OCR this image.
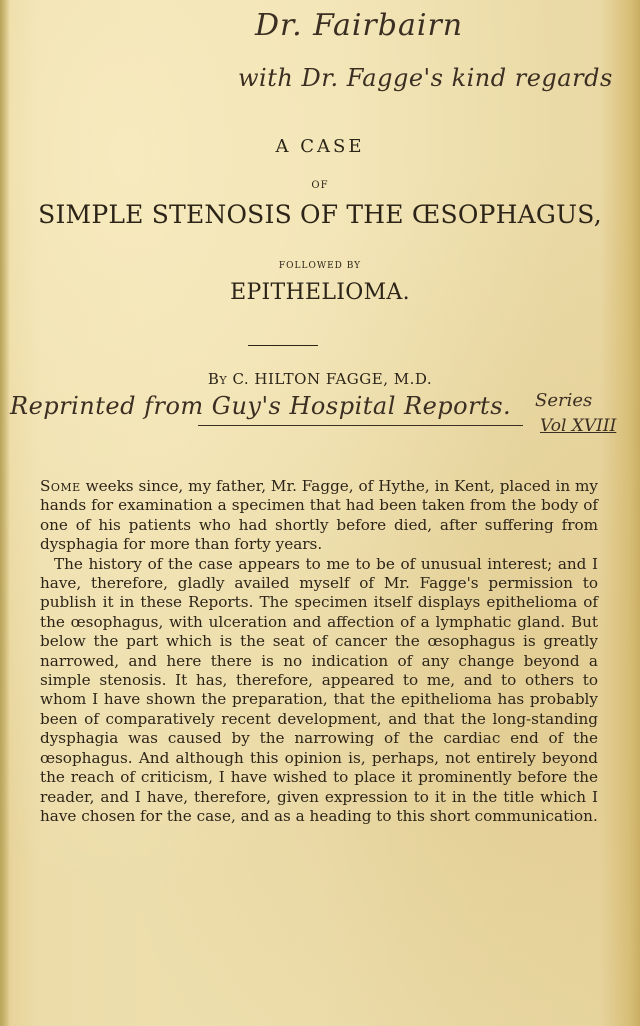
Dr. Fairbairn
with Dr. Fagge's kind regards
A CASE
OF
SIMPLE STENOSIS OF THE ŒSOPHAGUS,
FOLLOWED BY
EPITHELIOMA.
BY C. HILTON FAGGE, M.D.
Reprinted from Guy's Hospital Reports. Series
Vol XVIII

Some weeks since, my father, Mr. Fagge, of Hythe, in Kent, placed in my hands for examination a specimen that had been taken from the body of one of his patients who had shortly before died, after suffering from dysphagia for more than forty years.

The history of the case appears to me to be of unusual interest; and I have, therefore, gladly availed myself of Mr. Fagge's permission to publish it in these Reports. The specimen itself displays epithelioma of the œsophagus, with ulceration and affection of a lymphatic gland. But below the part which is the seat of cancer the œsophagus is greatly narrowed, and here there is no indication of any change beyond a simple stenosis. It has, therefore, appeared to me, and to others to whom I have shown the preparation, that the epithelioma has probably been of comparatively recent development, and that the long-standing dysphagia was caused by the narrowing of the cardiac end of the œsophagus. And although this opinion is, perhaps, not entirely beyond the reach of criticism, I have wished to place it prominently before the reader, and I have, therefore, given expression to it in the title which I have chosen for the case, and as a heading to this short communication.
